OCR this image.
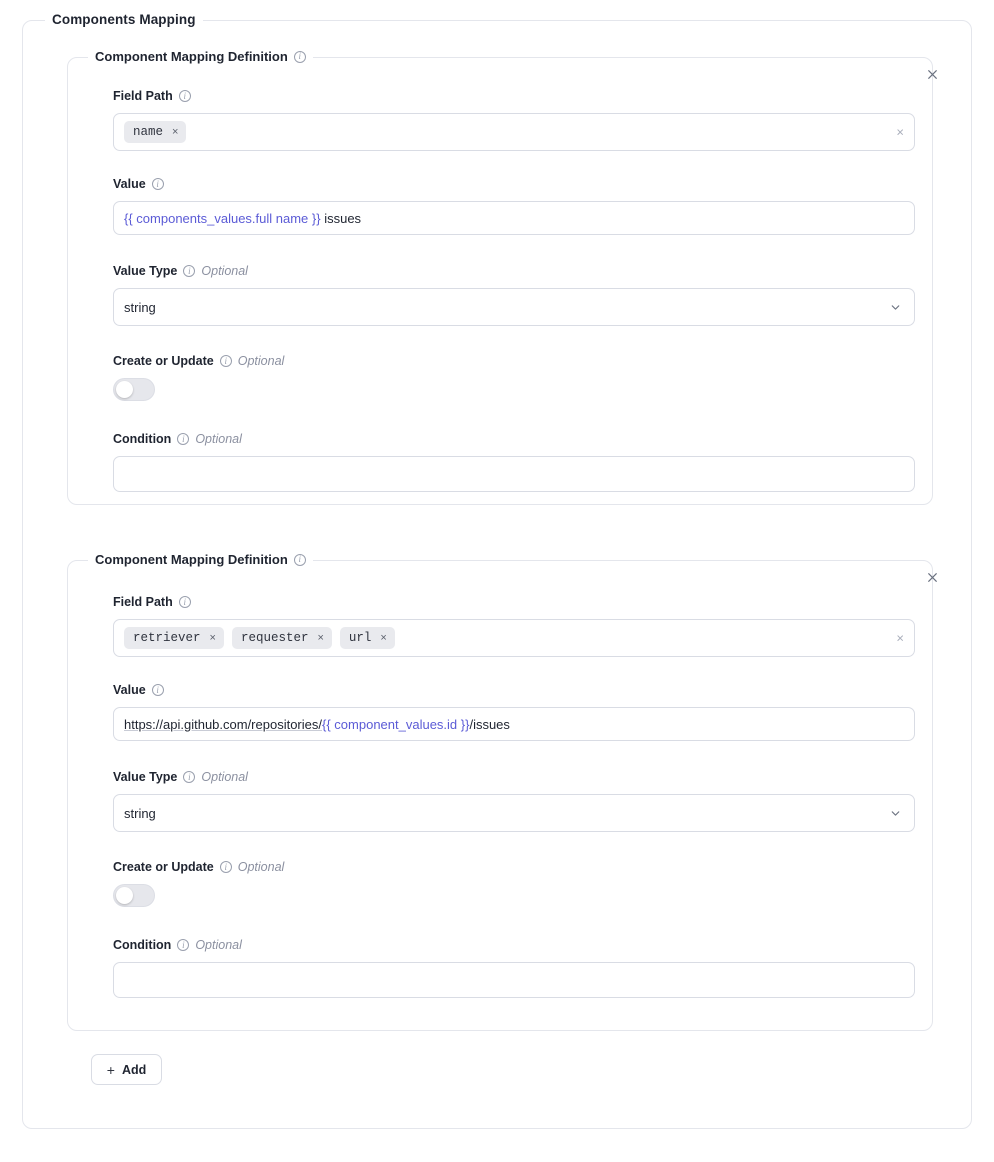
Components Mapping
Component Mapping Definition	i
Field Path	i
name ×	×
Value	i
{{ components_values.full name }} issues
Value Type	i Optional
string
Create or Update	i Optional
Condition	i Optional
Component Mapping Definition	i
Field Path	i
retriever × requester × url ×	×
Value	i
https://api.github.com/repositories/{{ component_values.id }}/issues
Value Type	i Optional
string
Create or Update	i Optional
Condition	i Optional
+ Add
